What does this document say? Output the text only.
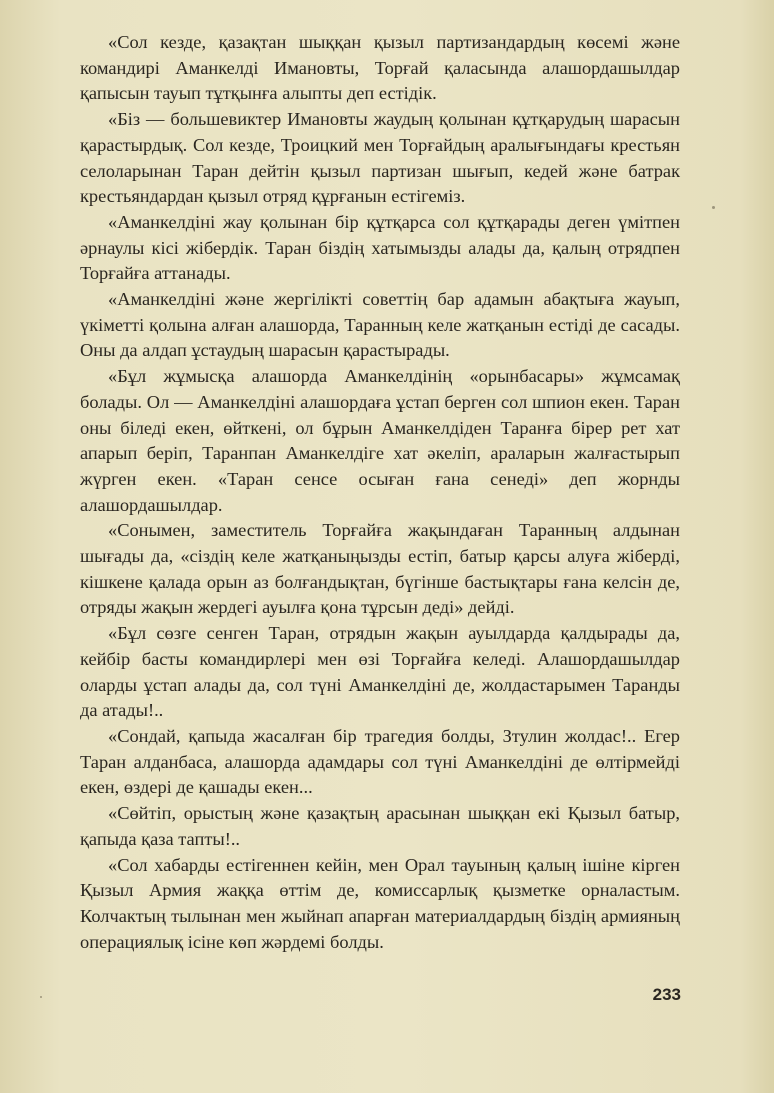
«Сол кезде, қазақтан шыққан қызыл партизандардың көсемі және командирі Аманкелді Имановты, Торғай қаласында алашордашылдар қапысын тауып тұтқынға алыпты деп естідік.

«Біз — большевиктер Имановты жаудың қолынан құтқарудың шарасын қарастырдық. Сол кезде, Троицкий мен Торғайдың аралығындағы крестьян селоларынан Таран дейтін қызыл партизан шығып, кедей және батрак крестьяндардан қызыл отряд құрғанын естігеміз.

«Аманкелдіні жау қолынан бір құтқарса сол құтқарады деген үмітпен әрнаулы кісі жібердік. Таран біздің хатымызды алады да, қалың отрядпен Торғайға аттанады.

«Аманкелдіні және жергілікті советтің бар адамын абақтыға жауып, үкіметті қолына алған алашорда, Таранның келе жатқанын естіді де сасады. Оны да алдап ұстаудың шарасын қарастырады.

«Бұл жұмысқа алашорда Аманкелдінің «орынбасары» жұмсамақ болады. Ол — Аманкелдіні алашордаға ұстап берген сол шпион екен. Таран оны біледі екен, өйткені, ол бұрын Аманкелдіден Таранға бірер рет хат апарып беріп, Таранпан Аманкелдіге хат әкеліп, араларын жалғастырып жүрген екен. «Таран сенсе осыған ғана сенеді» деп жорнды алашордашылдар.

«Сонымен, заместитель Торғайға жақындаған Таранның алдынан шығады да, «сіздің келе жатқаныңызды естіп, батыр қарсы алуға жіберді, кішкене қалада орын аз болғандықтан, бүгінше бастықтары ғана келсін де, отряды жақын жердегі ауылға қона тұрсын деді» дейді.

«Бұл сөзге сенген Таран, отрядын жақын ауылдарда қалдырады да, кейбір басты командирлері мен өзі Торғайға келеді. Алашордашылдар оларды ұстап алады да, сол түні Аманкелдіні де, жолдастарымен Таранды да атады!..

«Сондай, қапыда жасалған бір трагедия болды, Зтулин жолдас!.. Егер Таран алданбаса, алашорда адамдары сол түні Аманкелдіні де өлтірмейді екен, өздері де қашады екен...

«Сөйтіп, орыстың және қазақтың арасынан шыққан екі Қызыл батыр, қапыда қаза тапты!..

«Сол хабарды естігеннен кейін, мен Орал тауының қалың ішіне кірген Қызыл Армия жаққа өттім де, комиссарлық қызметке орналастым. Колчактың тылынан мен жыйнап апарған материалдардың біздің армияның операциялық ісіне көп жәрдемі болды.

233
